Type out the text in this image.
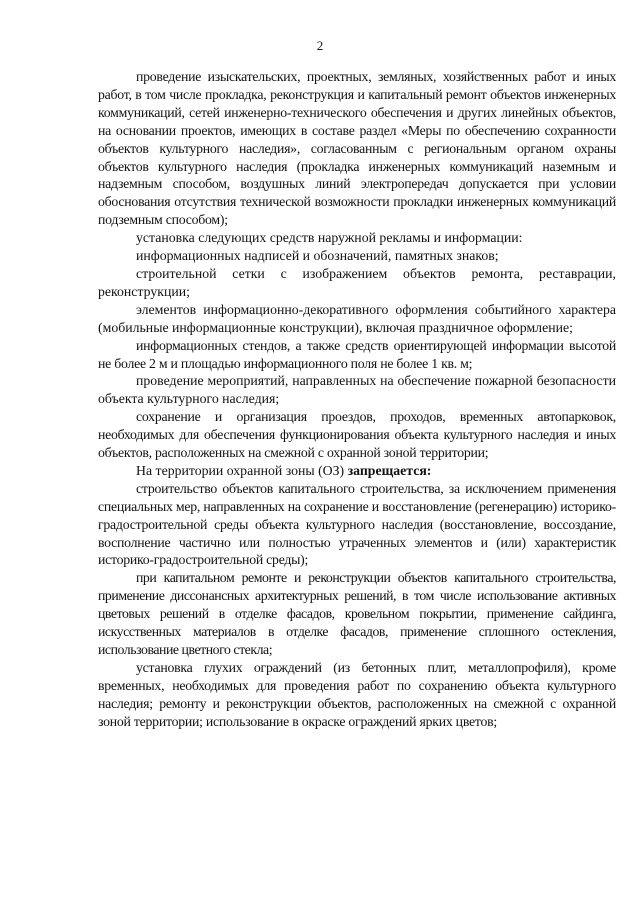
2

проведение изыскательских, проектных, земляных, хозяйственных работ и иных работ, в том числе прокладка, реконструкция и капитальный ремонт объектов инженерных коммуникаций, сетей инженерно-технического обеспечения и других линейных объектов, на основании проектов, имеющих в составе раздел «Меры по обеспечению сохранности объектов культурного наследия», согласованным с региональным органом охраны объектов культурного наследия (прокладка инженерных коммуникаций наземным и надземным способом, воздушных линий электропередач допускается при условии обоснования отсутствия технической возможности прокладки инженерных коммуникаций подземным способом);

установка следующих средств наружной рекламы и информации:

информационных надписей и обозначений, памятных знаков;

строительной сетки с изображением объектов ремонта, реставрации, реконструкции;

элементов информационно-декоративного оформления событийного характера (мобильные информационные конструкции), включая праздничное оформление;

информационных стендов, а также средств ориентирующей информации высотой не более 2 м и площадью информационного поля не более 1 кв. м;

проведение мероприятий, направленных на обеспечение пожарной безопасности объекта культурного наследия;

сохранение и организация проездов, проходов, временных автопарковок, необходимых для обеспечения функционирования объекта культурного наследия и иных объектов, расположенных на смежной с охранной зоной территории;

На территории охранной зоны (ОЗ) запрещается:

строительство объектов капитального строительства, за исключением применения специальных мер, направленных на сохранение и восстановление (регенерацию) историко-градостроительной среды объекта культурного наследия (восстановление, воссоздание, восполнение частично или полностью утраченных элементов и (или) характеристик историко-градостроительной среды);

при капитальном ремонте и реконструкции объектов капитального строительства, применение диссонансных архитектурных решений, в том числе использование активных цветовых решений в отделке фасадов, кровельном покрытии, применение сайдинга, искусственных материалов в отделке фасадов, применение сплошного остекления, использование цветного стекла;

установка глухих ограждений (из бетонных плит, металлопрофиля), кроме временных, необходимых для проведения работ по сохранению объекта культурного наследия; ремонту и реконструкции объектов, расположенных на смежной с охранной зоной территории; использование в окраске ограждений ярких цветов;
